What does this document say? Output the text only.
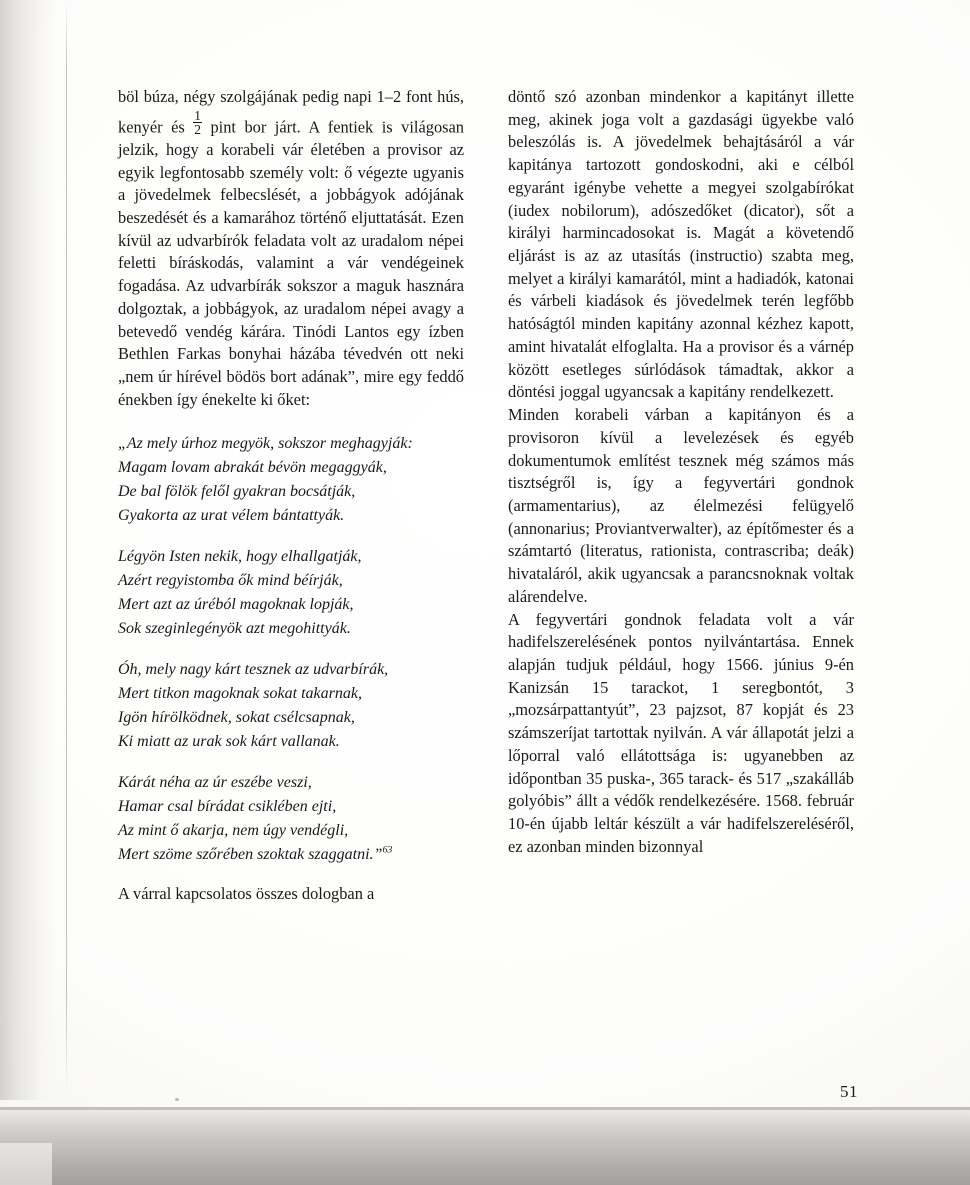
böl búza, négy szolgájának pedig napi 1–2 font hús, kenyér és $\frac{1}{2}$ pint bor járt. A fentiek is világosan jelzik, hogy a korabeli vár életében a provisor az egyik legfontosabb személy volt: ő végezte ugyanis a jövedelmek felbecslését, a jobbágyok adójának beszedését és a kamarához történő eljuttatását. Ezen kívül az udvarbírók feladata volt az uradalom népei feletti bíráskodás, valamint a vár vendégeinek fogadása. Az udvarbírák sokszor a maguk hasznára dolgoztak, a jobbágyok, az uradalom népei avagy a betevedő vendég kárára. Tinódi Lantos egy ízben Bethlen Farkas bonyhai házába tévedvén ott neki „nem úr hírével bödös bort adának”, mire egy feddő énekben így énekelte ki őket:

„Az mely úrhoz megyök, sokszor meghagyják:
Magam lovam abrakát bévön megaggyák,
De bal fölök felől gyakran bocsátják,
Gyakorta az urat vélem bántattyák.
Légyön Isten nekik, hogy elhallgatják,
Azért regyistomba ők mind béírják,
Mert azt az úréból magoknak lopják,
Sok szeginlegényök azt megohittyák.
Óh, mely nagy kárt tesznek az udvarbírák,
Mert titkon magoknak sokat takarnak,
Igön hírölködnek, sokat csélcsapnak,
Ki miatt az urak sok kárt vallanak.
Kárát néha az úr eszébe veszi,
Hamar csal bírádat csiklében ejti,
Az mint ő akarja, nem úgy vendégli,
Mert szöme szőrében szoktak szaggatni.”$^{63}$

A várral kapcsolatos összes dologban a

döntő szó azonban mindenkor a kapitányt illette meg, akinek joga volt a gazdasági ügyekbe való beleszólás is. A jövedelmek behajtásáról a vár kapitánya tartozott gondoskodni, aki e célból egyaránt igénybe vehette a megyei szolgabírókat (iudex nobilorum), adószedőket (dicator), sőt a királyi harmincadosokat is. Magát a követendő eljárást is az az utasítás (instructio) szabta meg, melyet a királyi kamarától, mint a hadiadók, katonai és várbeli kiadások és jövedelmek terén legfőbb hatóságtól minden kapitány azonnal kézhez kapott, amint hivatalát elfoglalta. Ha a provisor és a várnép között esetleges súrlódások támadtak, akkor a döntési joggal ugyancsak a kapitány rendelkezett.

Minden korabeli várban a kapitányon és a provisoron kívül a levelezések és egyéb dokumentumok említést tesznek még számos más tisztségről is, így a fegyvertári gondnok (armamentarius), az élelmezési felügyelő (annonarius; Proviantverwalter), az építőmester és a számtartó (literatus, rationista, contrascriba; deák) hivataláról, akik ugyancsak a parancsnoknak voltak alárendelve.

A fegyvertári gondnok feladata volt a vár hadifelszerelésének pontos nyilvántartása. Ennek alapján tudjuk például, hogy 1566. június 9-én Kanizsán 15 tarackot, 1 seregbontót, 3 „mozsárpattantyút”, 23 pajzsot, 87 kopját és 23 számszeríjat tartottak nyilván. A vár állapotát jelzi a lőporral való ellátottsága is: ugyanebben az időpontban 35 puska-, 365 tarack- és 517 „szakálláb golyóbis” állt a védők rendelkezésére. 1568. február 10-én újabb leltár készült a vár hadifelszereléséről, ez azonban minden bizonnyal

51
